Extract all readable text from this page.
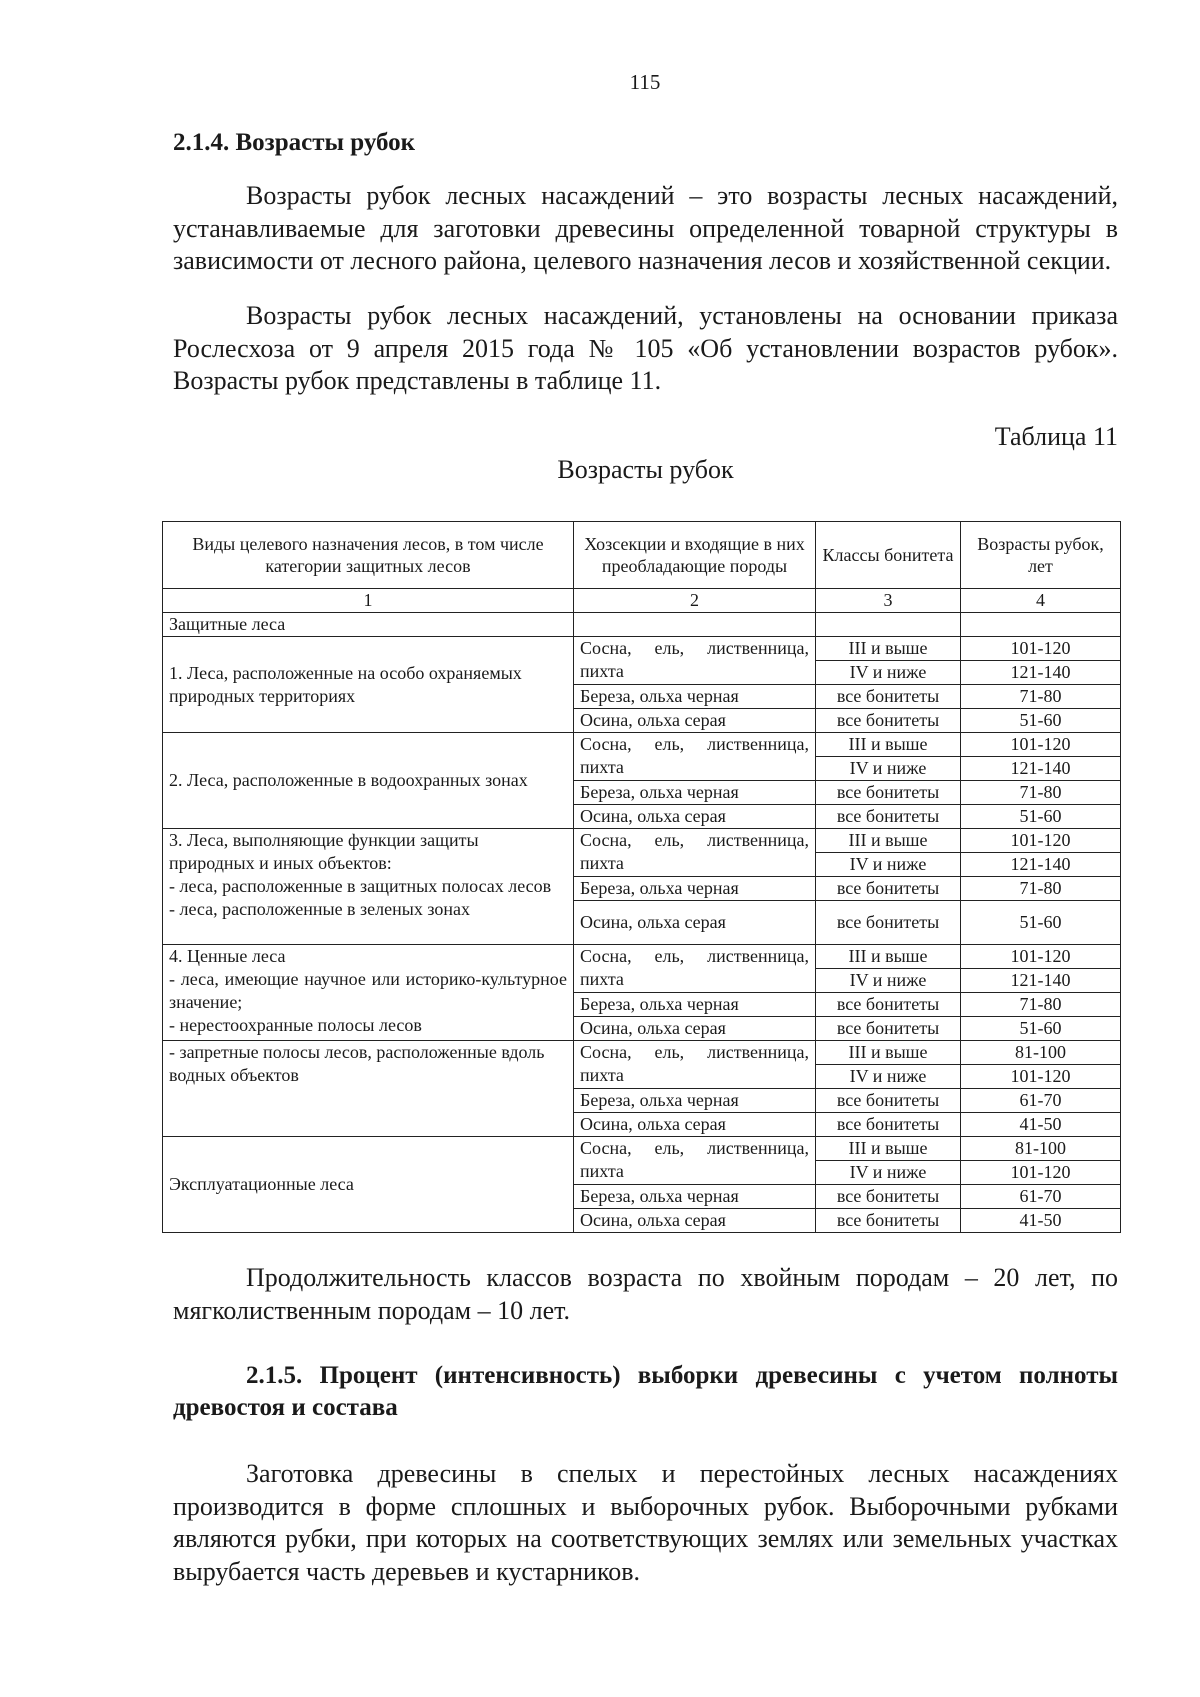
115
2.1.4. Возрасты рубок
Возрасты рубок лесных насаждений – это возрасты лесных насаждений, устанавливаемые для заготовки древесины определенной товарной структуры в зависимости от лесного района, целевого назначения лесов и хозяйственной секции.
Возрасты рубок лесных насаждений, установлены на основании приказа Рослесхоза от 9 апреля 2015 года № 105 «Об установлении возрастов рубок». Возрасты рубок представлены в таблице 11.
Таблица 11
Возрасты рубок
Виды целевого назначения лесов, в том числе категории защитных лесов	Хозсекции и входящие в них преобладающие породы	Классы бонитета	Возрасты рубок, лет
1	2	3	4
Защитные леса			
1. Леса, расположенные на особо охраняемых природных территориях	Сосна, ель, лиственница, пихта	III и выше	101-120
		IV и ниже	121-140
	Береза, ольха черная	все бонитеты	71-80
	Осина, ольха серая	все бонитеты	51-60
2. Леса, расположенные в водоохранных зонах	Сосна, ель, лиственница, пихта	III и выше	101-120
		IV и ниже	121-140
	Береза, ольха черная	все бонитеты	71-80
	Осина, ольха серая	все бонитеты	51-60

3. Леса, выполняющие функции защиты природных и иных объектов:
- леса, расположенные в защитных полосах лесов
- леса, расположенные в зеленых зонах	Сосна, ель, лиственница, пихта	III и выше	101-120
		IV и ниже	121-140
	Береза, ольха черная	все бонитеты	71-80
	Осина, ольха серая	все бонитеты	51-60

4. Ценные леса
- леса, имеющие научное или историко-культурное значение;
- нерестоохранные полосы лесов	Сосна, ель, лиственница, пихта	III и выше	101-120
		IV и ниже	121-140
	Береза, ольха черная	все бонитеты	71-80
	Осина, ольха серая	все бонитеты	51-60
- запретные полосы лесов, расположенные вдоль водных объектов	Сосна, ель, лиственница, пихта	III и выше	81-100
		IV и ниже	101-120
	Береза, ольха черная	все бонитеты	61-70
	Осина, ольха серая	все бонитеты	41-50
Эксплуатационные леса	Сосна, ель, лиственница, пихта	III и выше	81-100
		IV и ниже	101-120
	Береза, ольха черная	все бонитеты	61-70
	Осина, ольха серая	все бонитеты	41-50
Продолжительность классов возраста по хвойным породам – 20 лет, по мягколиственным породам – 10 лет.
2.1.5. Процент (интенсивность) выборки древесины с учетом полноты древостоя и состава
Заготовка древесины в спелых и перестойных лесных насаждениях производится в форме сплошных и выборочных рубок. Выборочными рубками являются рубки, при которых на соответствующих землях или земельных участках вырубается часть деревьев и кустарников.
